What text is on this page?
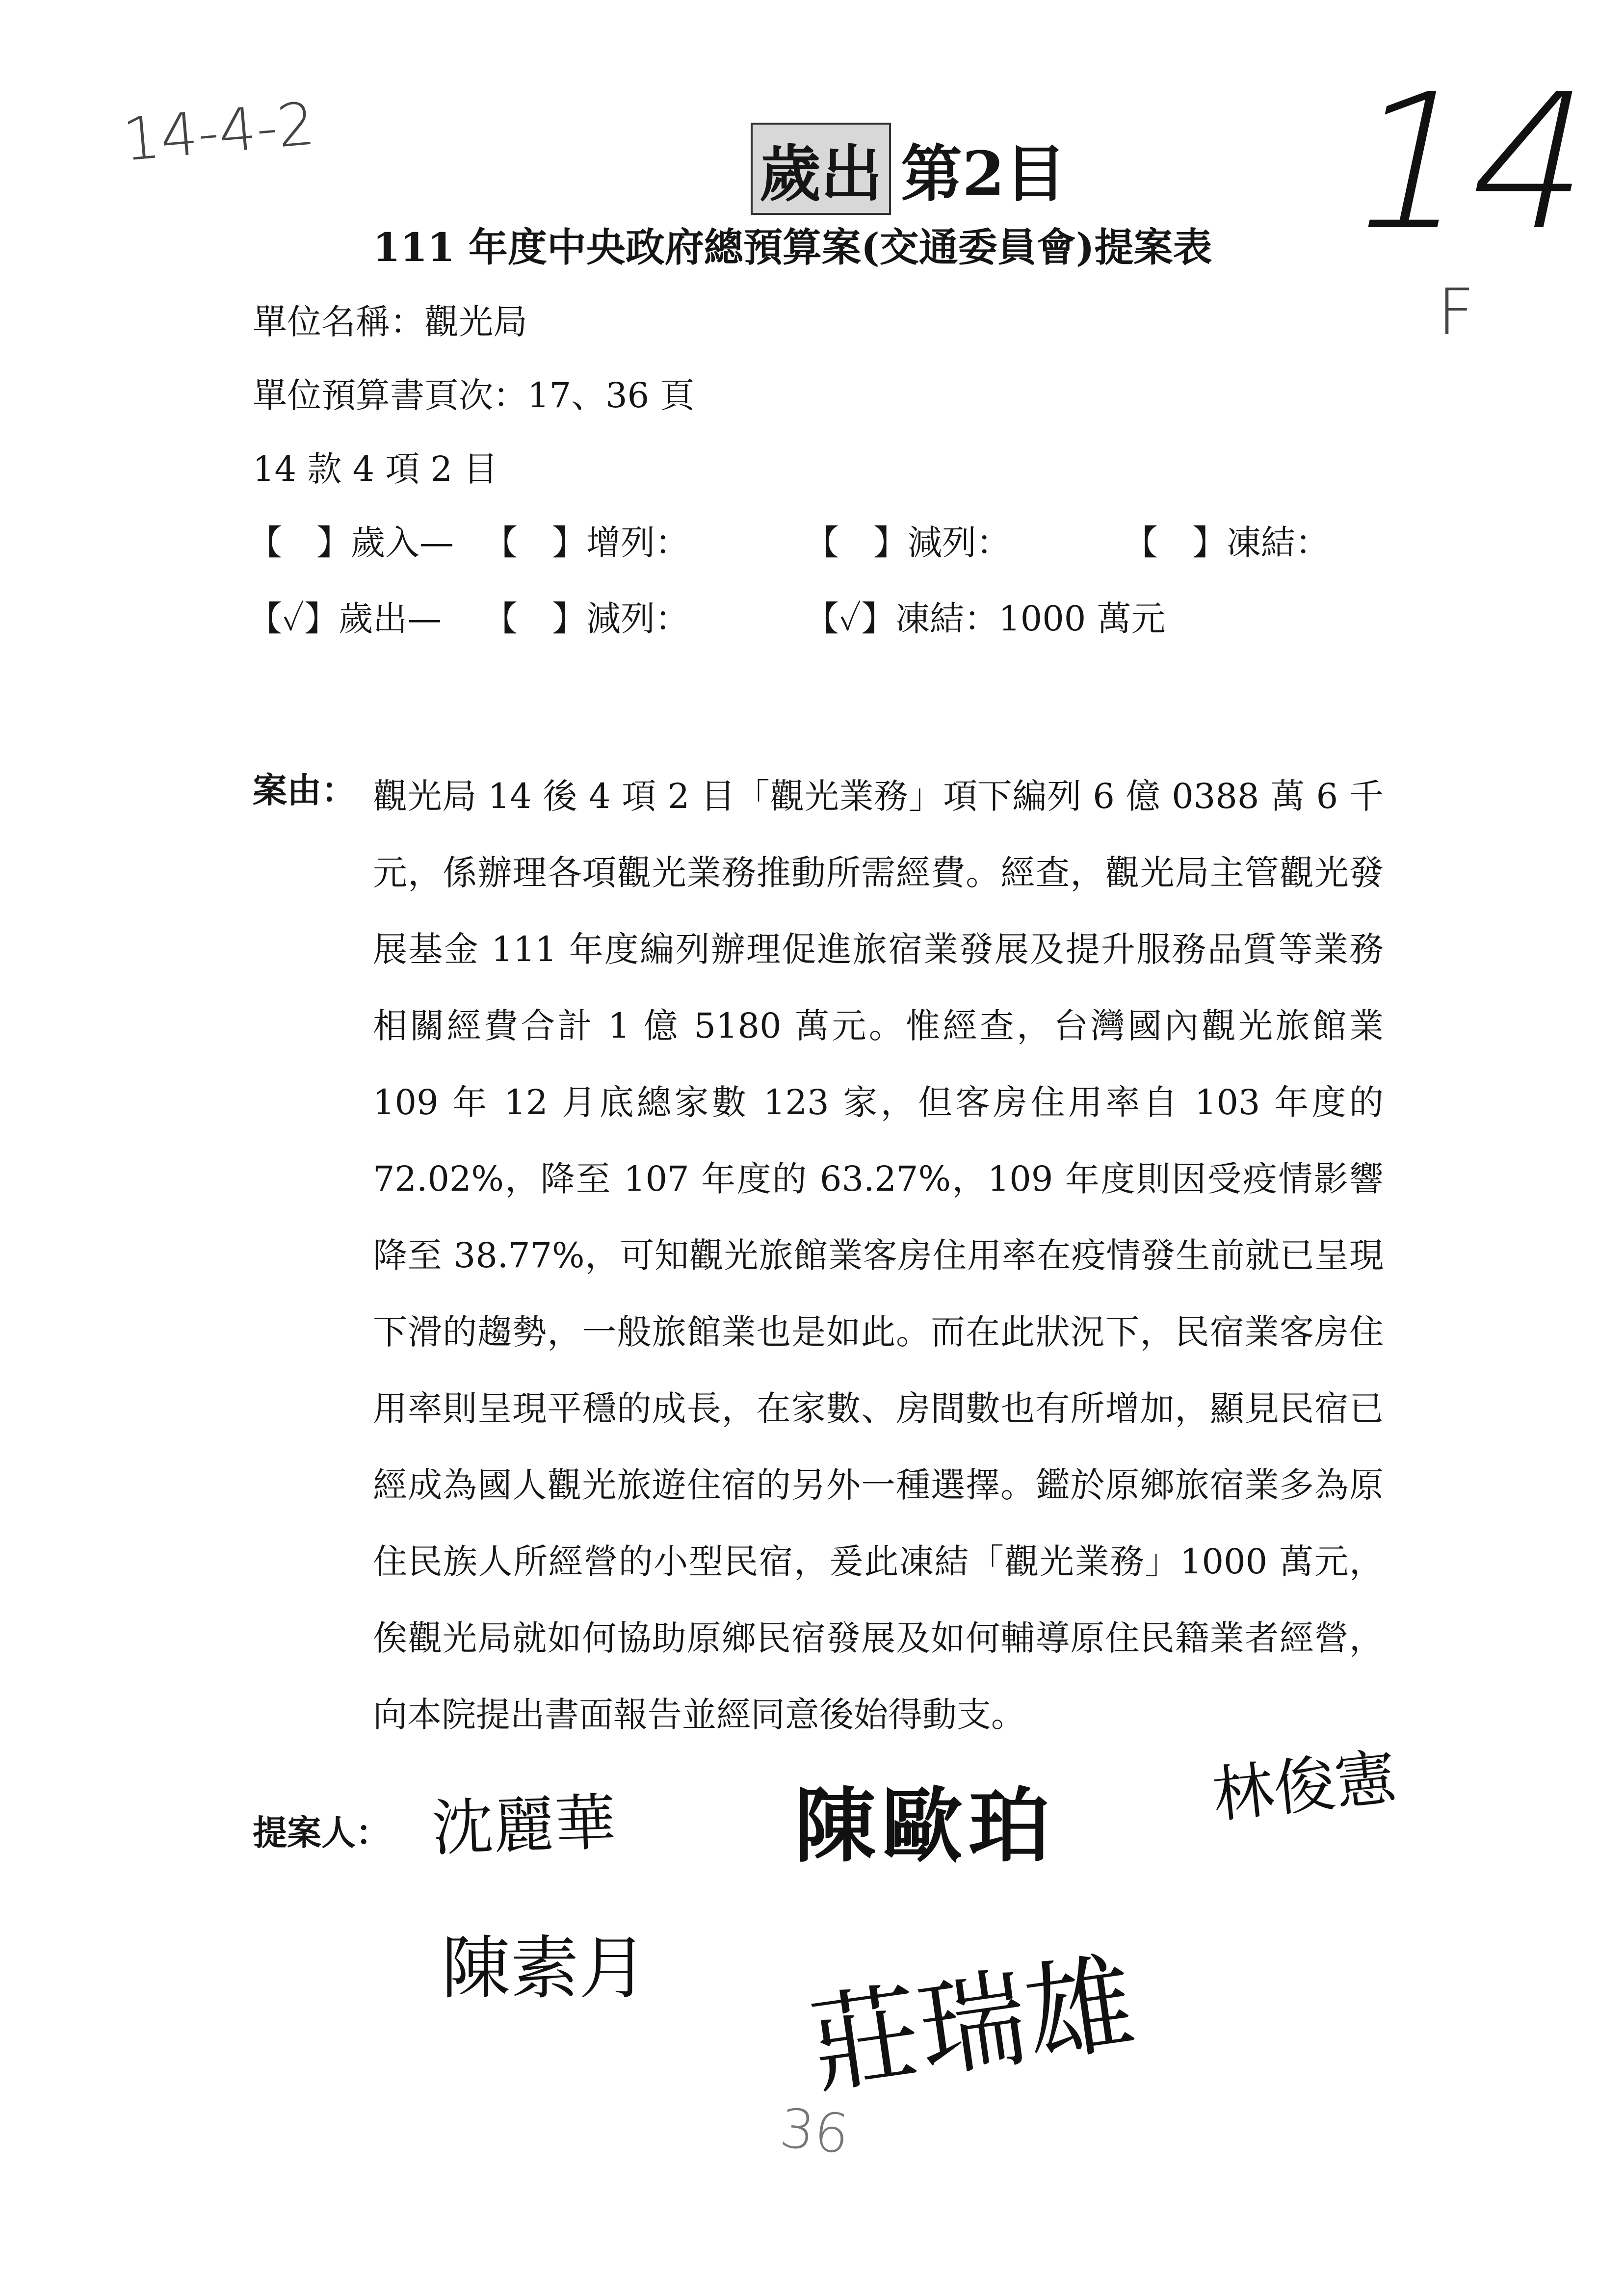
14-4-2	14
F
歲出 第2目
111 年度中央政府總預算案(交通委員會)提案表
單位名稱：觀光局
單位預算書頁次：17、36 頁
14 款 4 項 2 目
【　】歲入— 【　】增列：	【　】減列：	【　】凍結：
【✓】歲出— 【　】減列：	【✓】凍結：1000 萬元
案由： 觀光局 14 後 4 項 2 目「觀光業務」項下編列 6 億 0388 萬 6 千元，係辦理各項觀光業務推動所需經費。經查，觀光局主管觀光發展基金 111 年度編列辦理促進旅宿業發展及提升服務品質等業務相關經費合計 1 億 5180 萬元。惟經查，台灣國內觀光旅館業 109 年 12 月底總家數 123 家，但客房住用率自 103 年度的 72.02%，降至 107 年度的 63.27%，109 年度則因受疫情影響降至 38.77%，可知觀光旅館業客房住用率在疫情發生前就已呈現下滑的趨勢，一般旅館業也是如此。而在此狀況下，民宿業客房住用率則呈現平穩的成長，在家數、房間數也有所增加，顯見民宿已經成為國人觀光旅遊住宿的另外一種選擇。鑑於原鄉旅宿業多為原住民族人所經營的小型民宿，爰此凍結「觀光業務」1000 萬元，俟觀光局就如何協助原鄉民宿發展及如何輔導原住民籍業者經營，向本院提出書面報告並經同意後始得動支。
提案人： 沈麗華 陳歐珀	林俊憲
陳素月 莊瑞雄
36
